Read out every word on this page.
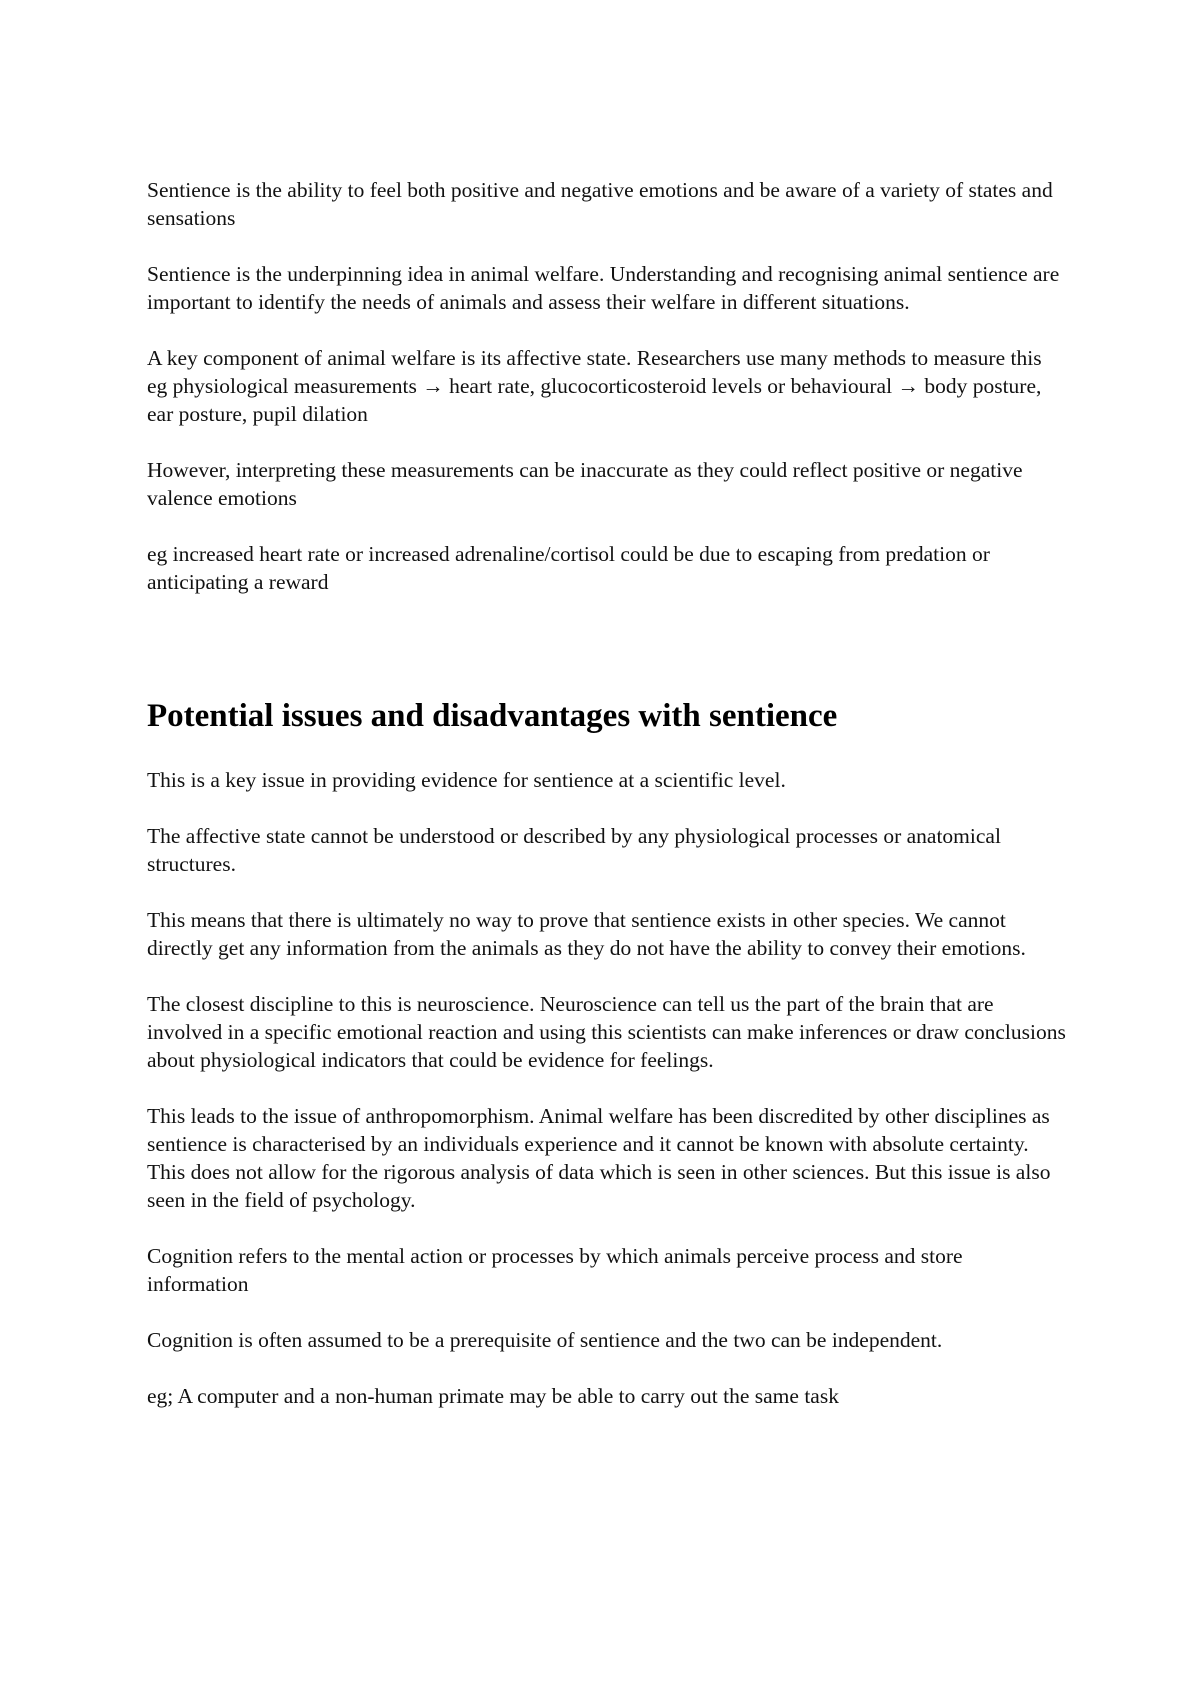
Sentience is the ability to feel both positive and negative emotions and be aware of a variety of states and sensations

Sentience is the underpinning idea in animal welfare. Understanding and recognising animal sentience are important to identify the needs of animals and assess their welfare in different situations.

A key component of animal welfare is its affective state. Researchers use many methods to measure this eg physiological measurements → heart rate, glucocorticosteroid levels or behavioural → body posture, ear posture, pupil dilation

However, interpreting these measurements can be inaccurate as they could reflect positive or negative valence emotions

eg increased heart rate or increased adrenaline/cortisol could be due to escaping from predation or anticipating a reward

Potential issues and disadvantages with sentience

This is a key issue in providing evidence for sentience at a scientific level.

The affective state cannot be understood or described by any physiological processes or anatomical structures.

This means that there is ultimately no way to prove that sentience exists in other species. We cannot directly get any information from the animals as they do not have the ability to convey their emotions.

The closest discipline to this is neuroscience. Neuroscience can tell us the part of the brain that are involved in a specific emotional reaction and using this scientists can make inferences or draw conclusions about physiological indicators that could be evidence for feelings.

This leads to the issue of anthropomorphism. Animal welfare has been discredited by other disciplines as sentience is characterised by an individuals experience and it cannot be known with absolute certainty. This does not allow for the rigorous analysis of data which is seen in other sciences. But this issue is also seen in the field of psychology.

Cognition refers to the mental action or processes by which animals perceive process and store information

Cognition is often assumed to be a prerequisite of sentience and the two can be independent.

eg; A computer and a non-human primate may be able to carry out the same task
